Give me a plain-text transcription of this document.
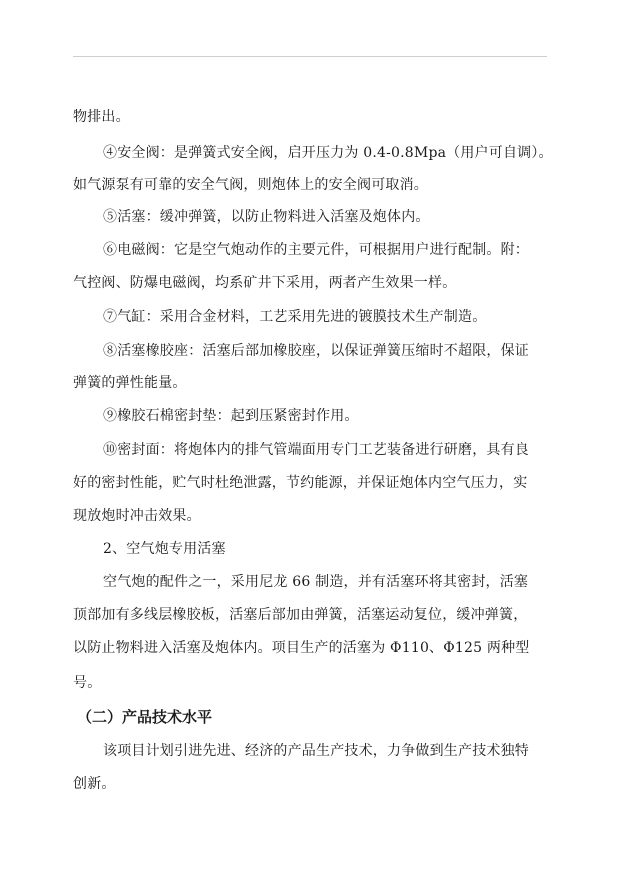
物排出。
④安全阀：是弹簧式安全阀，启开压力为 0.4-0.8Mpa（用户可自调）。
如气源泵有可靠的安全气阀，则炮体上的安全阀可取消。
⑤活塞：缓冲弹簧，以防止物料进入活塞及炮体内。
⑥电磁阀：它是空气炮动作的主要元件，可根据用户进行配制。附：
气控阀、防爆电磁阀，均系矿井下采用，两者产生效果一样。
⑦气缸：采用合金材料，工艺采用先进的镀膜技术生产制造。
⑧活塞橡胶座：活塞后部加橡胶座，以保证弹簧压缩时不超限，保证
弹簧的弹性能量。
⑨橡胶石棉密封垫：起到压紧密封作用。
⑩密封面：将炮体内的排气管端面用专门工艺装备进行研磨，具有良
好的密封性能，贮气时杜绝泄露，节约能源，并保证炮体内空气压力，实
现放炮时冲击效果。
2、空气炮专用活塞
空气炮的配件之一，采用尼龙 66 制造，并有活塞环将其密封，活塞
顶部加有多线层橡胶板，活塞后部加由弹簧，活塞运动复位，缓冲弹簧，
以防止物料进入活塞及炮体内。项目生产的活塞为 Φ110、Φ125 两种型
号。
（二）产品技术水平
该项目计划引进先进、经济的产品生产技术，力争做到生产技术独特
创新。
